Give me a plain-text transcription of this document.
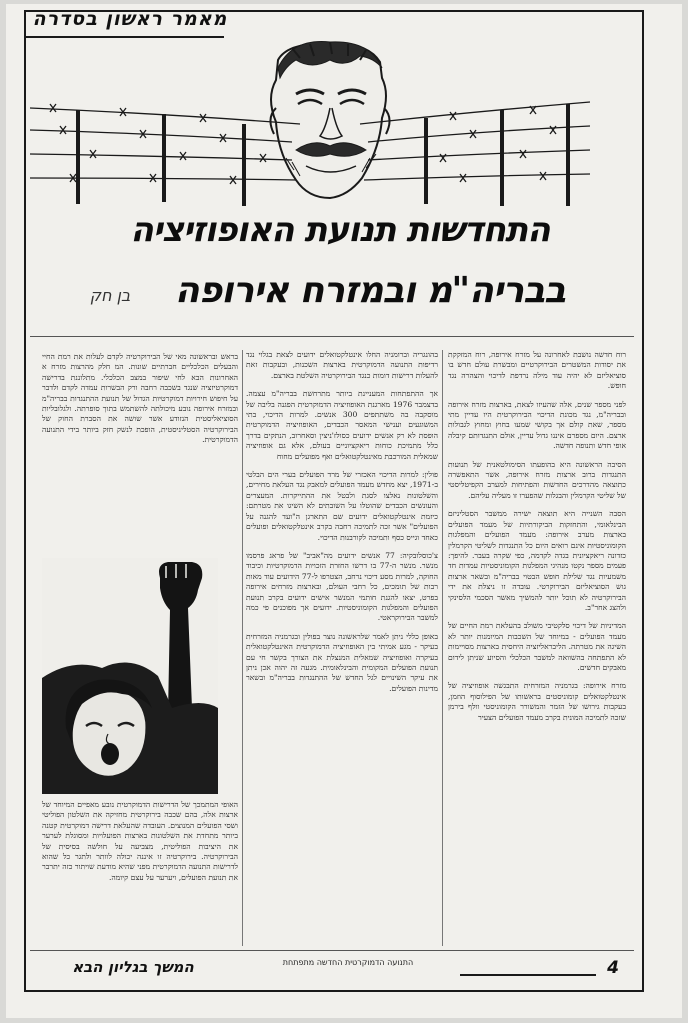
מאמר ראשון בסדרה
התחדשות תנועת האופוזיציה
בבריה"מ ובמזרח אירופה
בן חק

רוח חדשה נושבת לאחרונה על מזרח אירופה, רוח המזקקת את יסודות המשטרים הבירוקרטיים ומבשרת עולם חדש בו סוציאליזם לא יהיה עוד מילה נרדפת לדיכוי והצהרה נגד חופש.

לפני מספר שנים, אלה שהעיזו לצאת, בארצות מזרח אירופה ובבריה"מ, נגד מכונת הדיכוי הבירוקרטית היו עדיין מתי מספר, שאת קולם אך בקושי שמעו בחוץ ומחוץ לגבולות ארצם. היום מספרם איננו גדול עדיין, אולם התנגדותם קיבלה אופי חדש ותנופה חדשה.

הסיבה הראשונה היא בהופעתו הסימולטאנית של תנועות התנגדות ברוב ארצות מזרח אירופה, אשר התאפשרה כתוצאה מהדרכים החדשות והפתיחות למערב הקפיטליסטי של שליטי הקרמלין והבגלות שהפערו זו מעליה עליהם.

הסבה השנייה היא תוצאה ישירה ממשבר הסטליניזם הבינלאומי, והתחזקות הביקורתיות של מעמד הפועלים בארצות מערב אירופה: מעמד הפועלים והמפלגות הקומוניסטיות אינם רואים היום כל התנגדות לשליטי הקרמלין כזדונה ריאקציונית בגדה לקדמה, כפי שקרה בעבר. להיפך: פעמים מספר נקטו מנהיגי המפלגות הקומוניסטיות עמדות חד משמעיות נגד שלילת חופש הבטוי בבריה"מ ובשאר ארצות גוש הסוציאליזם הבירוקרטי. עובדה זו ניצלת את ידי הבירוקרטיה לא תוכל יותר להמשיך מאשר הסכמי הלסינקי ולהצג אחר"ב.

המדיניות של דיכוי סלקטיבי משולב בהעלאת רמת החיים של מעמד הפועלים - במיוחד של השכבות המיומנות יותר לא השיגה את מטרתה. הליבראליזציה היחסית בארצות מסויימות לא התפתחה בהשוואה למשבר הכלכלי והסיוע שניתן לידום מאבקים חדשים.

מזרח אירופה: בגרמניה המזרחית התבגשה אופוזיציה של אינטלקטואלים קומוניסטים בראשותו של הפילוסוף הוזמן, בעקבות גירושו של הזמר והמשורר הקומוניסטי וולף בירמן שזכה לתמיכה המונית בקרב מעמד הפועלים הצעיר

בהונגריה וברומניה החלו אינטלקטואלים ידועים לצאת בגלוי נגד רדיפות התנועה הדמוקרטית בארצות השכנות, ובעקבות זאת להעלות דרישות דומות כנגד הבירוקרטיה השלטת בארצם.

אך ההתפתחות המעניינת ביותר מתרחשת בבריה"מ עצמה. בדצמבר 1976 מארגנת האופוזיציה הדמוקרטית הפגנה בליבה של מוסקבה בה משתתפים 300 אנשים. למרות הדיכוי, בתי המשוגעים וענישי המאסר הכבדים, האופוזיציה הדמוקרטית הופסת לא רק אנשים ידועים כסולז'ניצין וסאחרוב, הנתקים בדרך כלל מתמיכת כוחות ריאקציוניים בעולם, אלא גם אופוזיציה שמאלית המורכבת מאינטלקטואלים ואף מפועלים מחוח

פולין: למרות הדיכוי האכזרי של מרד הפועלים בערי הים הבלטי ב-1971, יצא מחדש מעמד הפועלים למאבק נגד העלאת מחירים, והשלטונות נאלצו לסגת ולבטל את ההתייקרות. המעצרים והעונשים הכבדים שהוטלו על השובתים לא השיגו את מטרתם: כיזמת אינטלקטואלים ידועים שם התארגן ה"ועד להגנה על הפועלים" אשר זכה לתמיכה רחבה בקרב אינטלקטואלים ופועלים כאחד וגייס כסף ותמיכה לקורבנות הדיכוי.

צ'כוסלובקיה: 77 אנשים ידועים מה"אביב" של פראג פרסמו מנשר. מנשר ה-77 בו דרשו החזרת הזכויות הדמוקרטיות וכיבוד החוקה, למרות מסע דיכוי נרחב, הצטרפו ל-77 הידועים עוד מאות רבות של תומכים, כל רחבי העולם, ובארצות מזרחים אירופה בפרט, יצאו להגנת חותמי המנשר אישים ידועים בקרב תנועת הפועלים והמפלגות הקומוניסטיות. ידועים אך מפוכנים פי כמה למשבר הבירוקראטי.

באופן כללי ניתן לאמר שלראשונה נוצר בפולין ובגרמניה המזרחית בעיקר - מגע אמיתי בין האופוזיציה הדמוקרטית האינטלקטואלית בעיקרה ואופוזיציה שמאלית המנצלת את הצורך בקשר חי עם תנועת הפועלים המקומית והבינלאומית. מגעה זה יהוה אכן ניתן את עיקר השינויים לגל החדש של ההתנגדות בבריה"מ ובשאר מדינות הפועלים.

בראש ובראשונה מאי של הבירוקרטיה לקדם לעלות את רמת החיי והבעלים הכלכליים חברתיים שונות. המ חלק מהרצות מזרח א האחרונות הבא לחי שיפור במצב הכלכלי. מתלוננת בדרישה דמוקרטיזציה שנגד בשכבה רחבה ורק הבשרות עמדה לקדם ולדבר על חיפוש חירויות דמוקרטיות הגדול של תנועת ההתנגדות בבריה"מ ובמזרח אירופה נובע מיכולתה להשתמש בתוך סופרתה. ולגלובליות הסוציאליסטית הנזודע אשר שושה את הסברת החוק של הבירוקרטיה הסטליניסטית, הופכת לנשק חזק ביותר בידי התנועה הדמוקרטית.

האופי המתמכך של הדרישות הדמוקרטית נובע מאפיים המיוחד של ארצות אלה, בהם שכבה בירוקרטית מחזיקה את השלטון הפוליטי ושסי הפועלים המנוצים. העובדה שהעלאת דרישה דמוקרטית קטנה ביותר מתחדת את השלטונות בארצות הפועלויות ומסוגלת לערער את היציבות הפוליטית, מצביעה על חולשה בסיסית של הבירוקרטיה. בירוקרטיה זו איננה יכולה לוותר ולתגר כל שהוא לדרישות התנועה הדמוקרטית מפני שהיא מודעת שויתור כזה יתרבר את תנועת הפועלים, ויערער על עצם קיומה.

המשך בגליון הבא	התנועה הדמוקרטית החדשה מתפתחת	4
